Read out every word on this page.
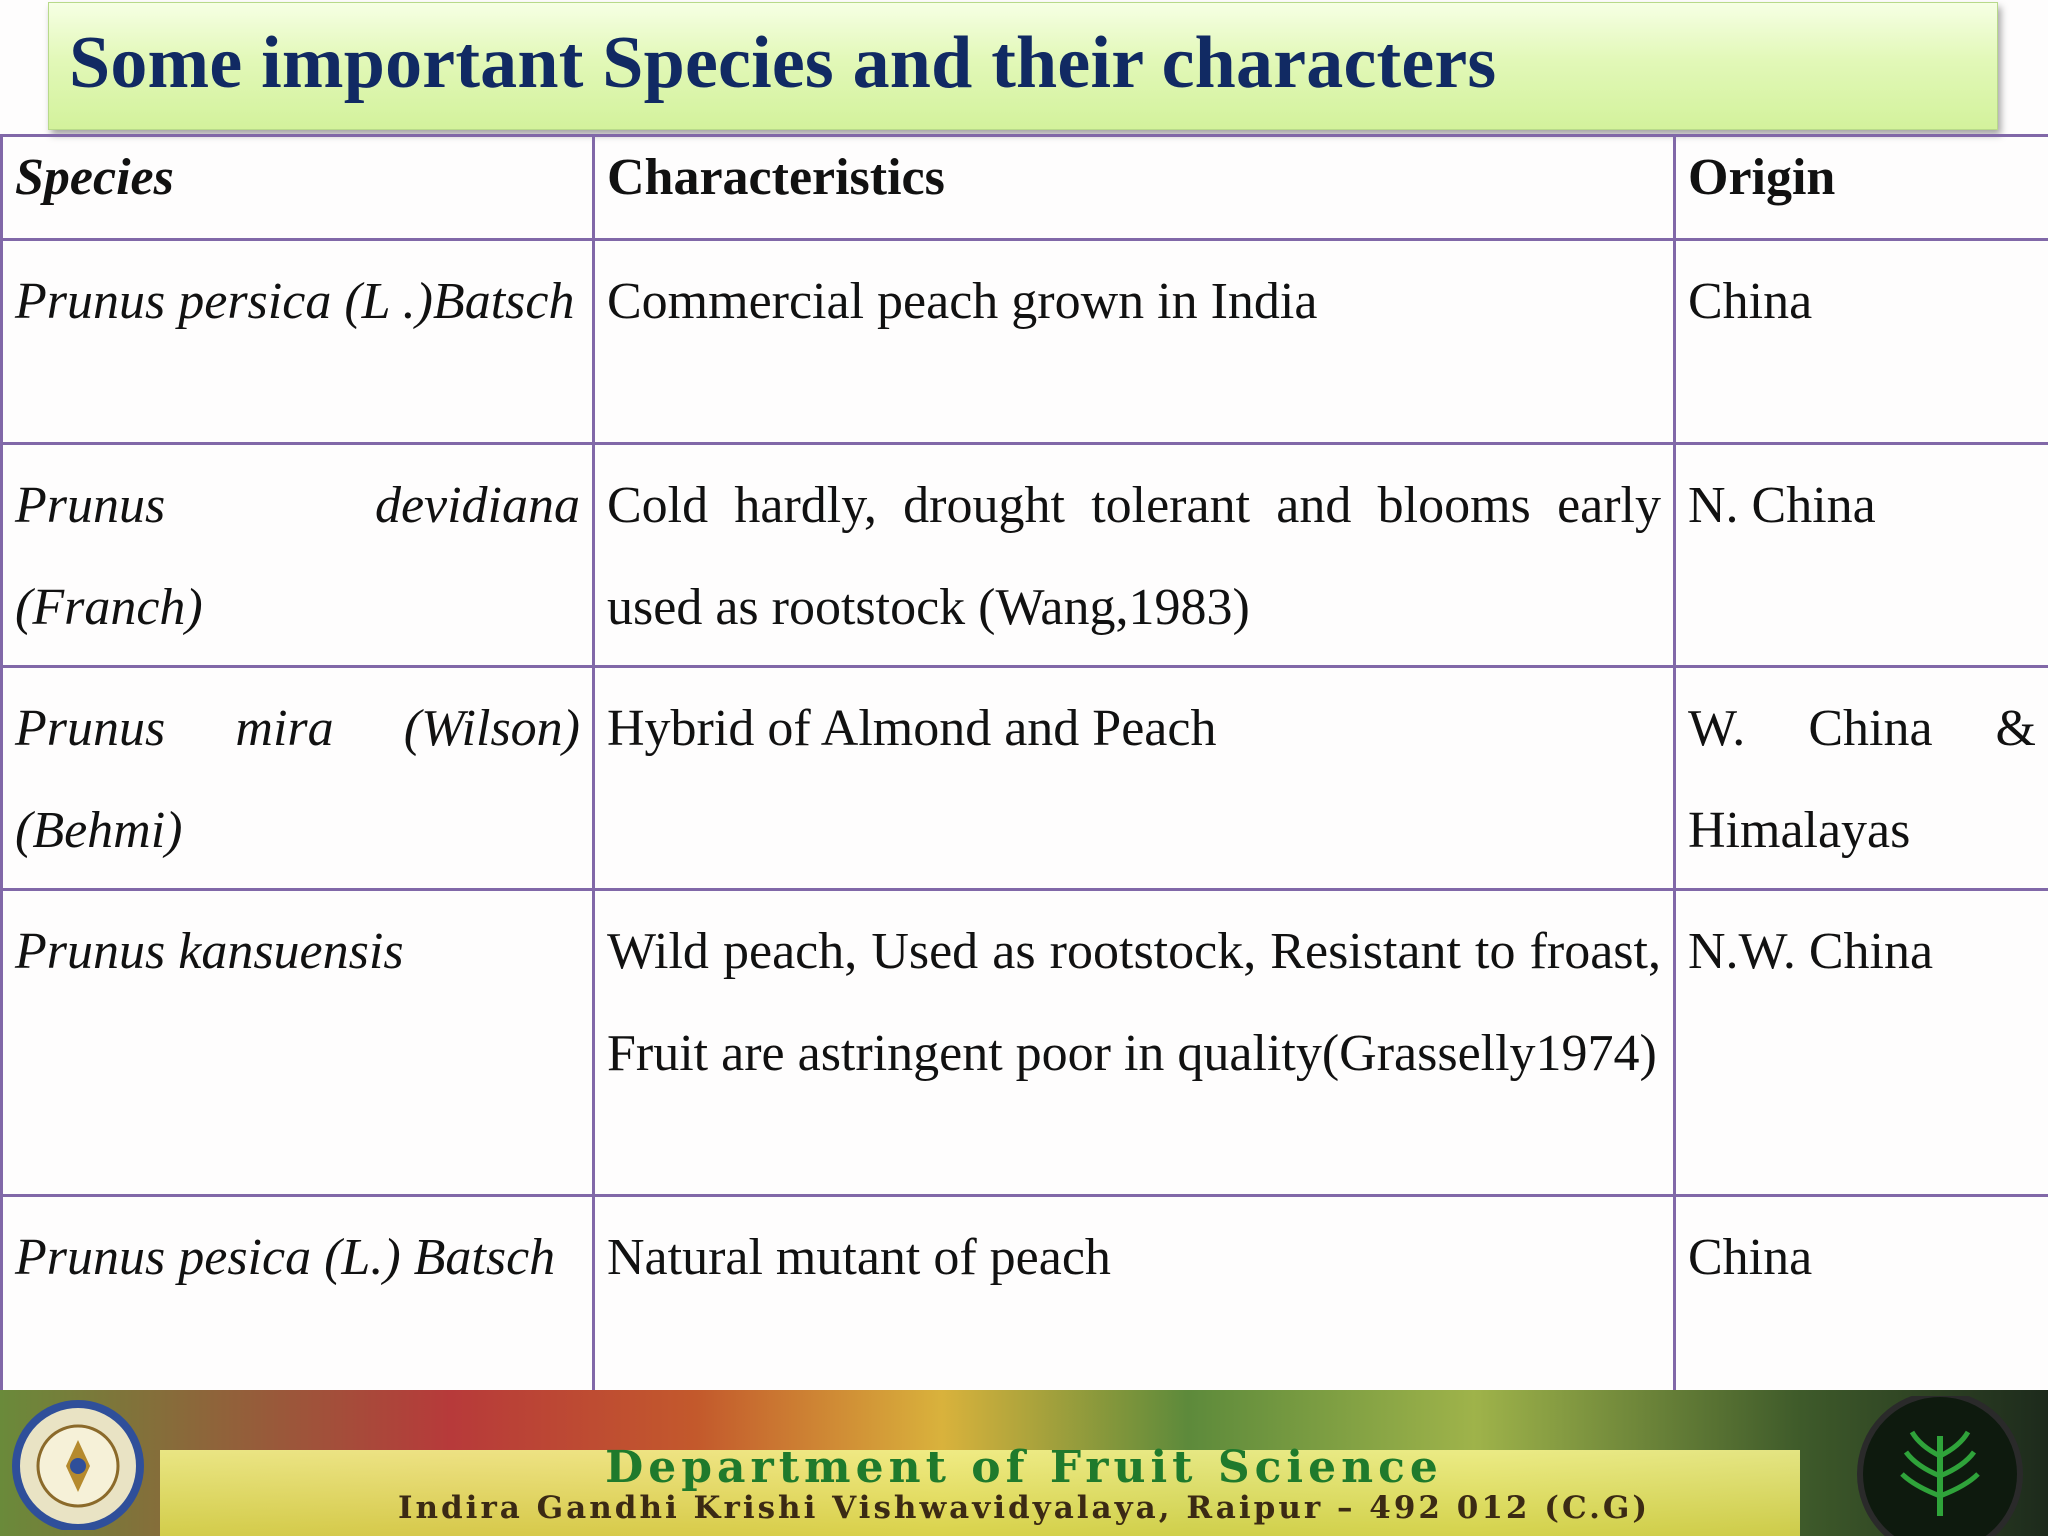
Some important Species and their characters
Species	Characteristics	Origin
Prunus persica (L .)Batsch	Commercial peach grown in India	China
Prunus devidiana (Franch)	Cold hardly, drought tolerant and blooms early used as rootstock (Wang,1983)	N. China
Prunus mira (Wilson) (Behmi)	Hybrid of Almond and Peach	W. China & Himalayas
Prunus kansuensis	Wild peach, Used as rootstock, Resistant to froast, Fruit are astringent poor in quality(Grasselly1974)	N.W. China
Prunus pesica (L.) Batsch	Natural mutant of peach	China
Department of Fruit Science
Indira Gandhi Krishi Vishwavidyalaya, Raipur – 492 012 (C.G)
